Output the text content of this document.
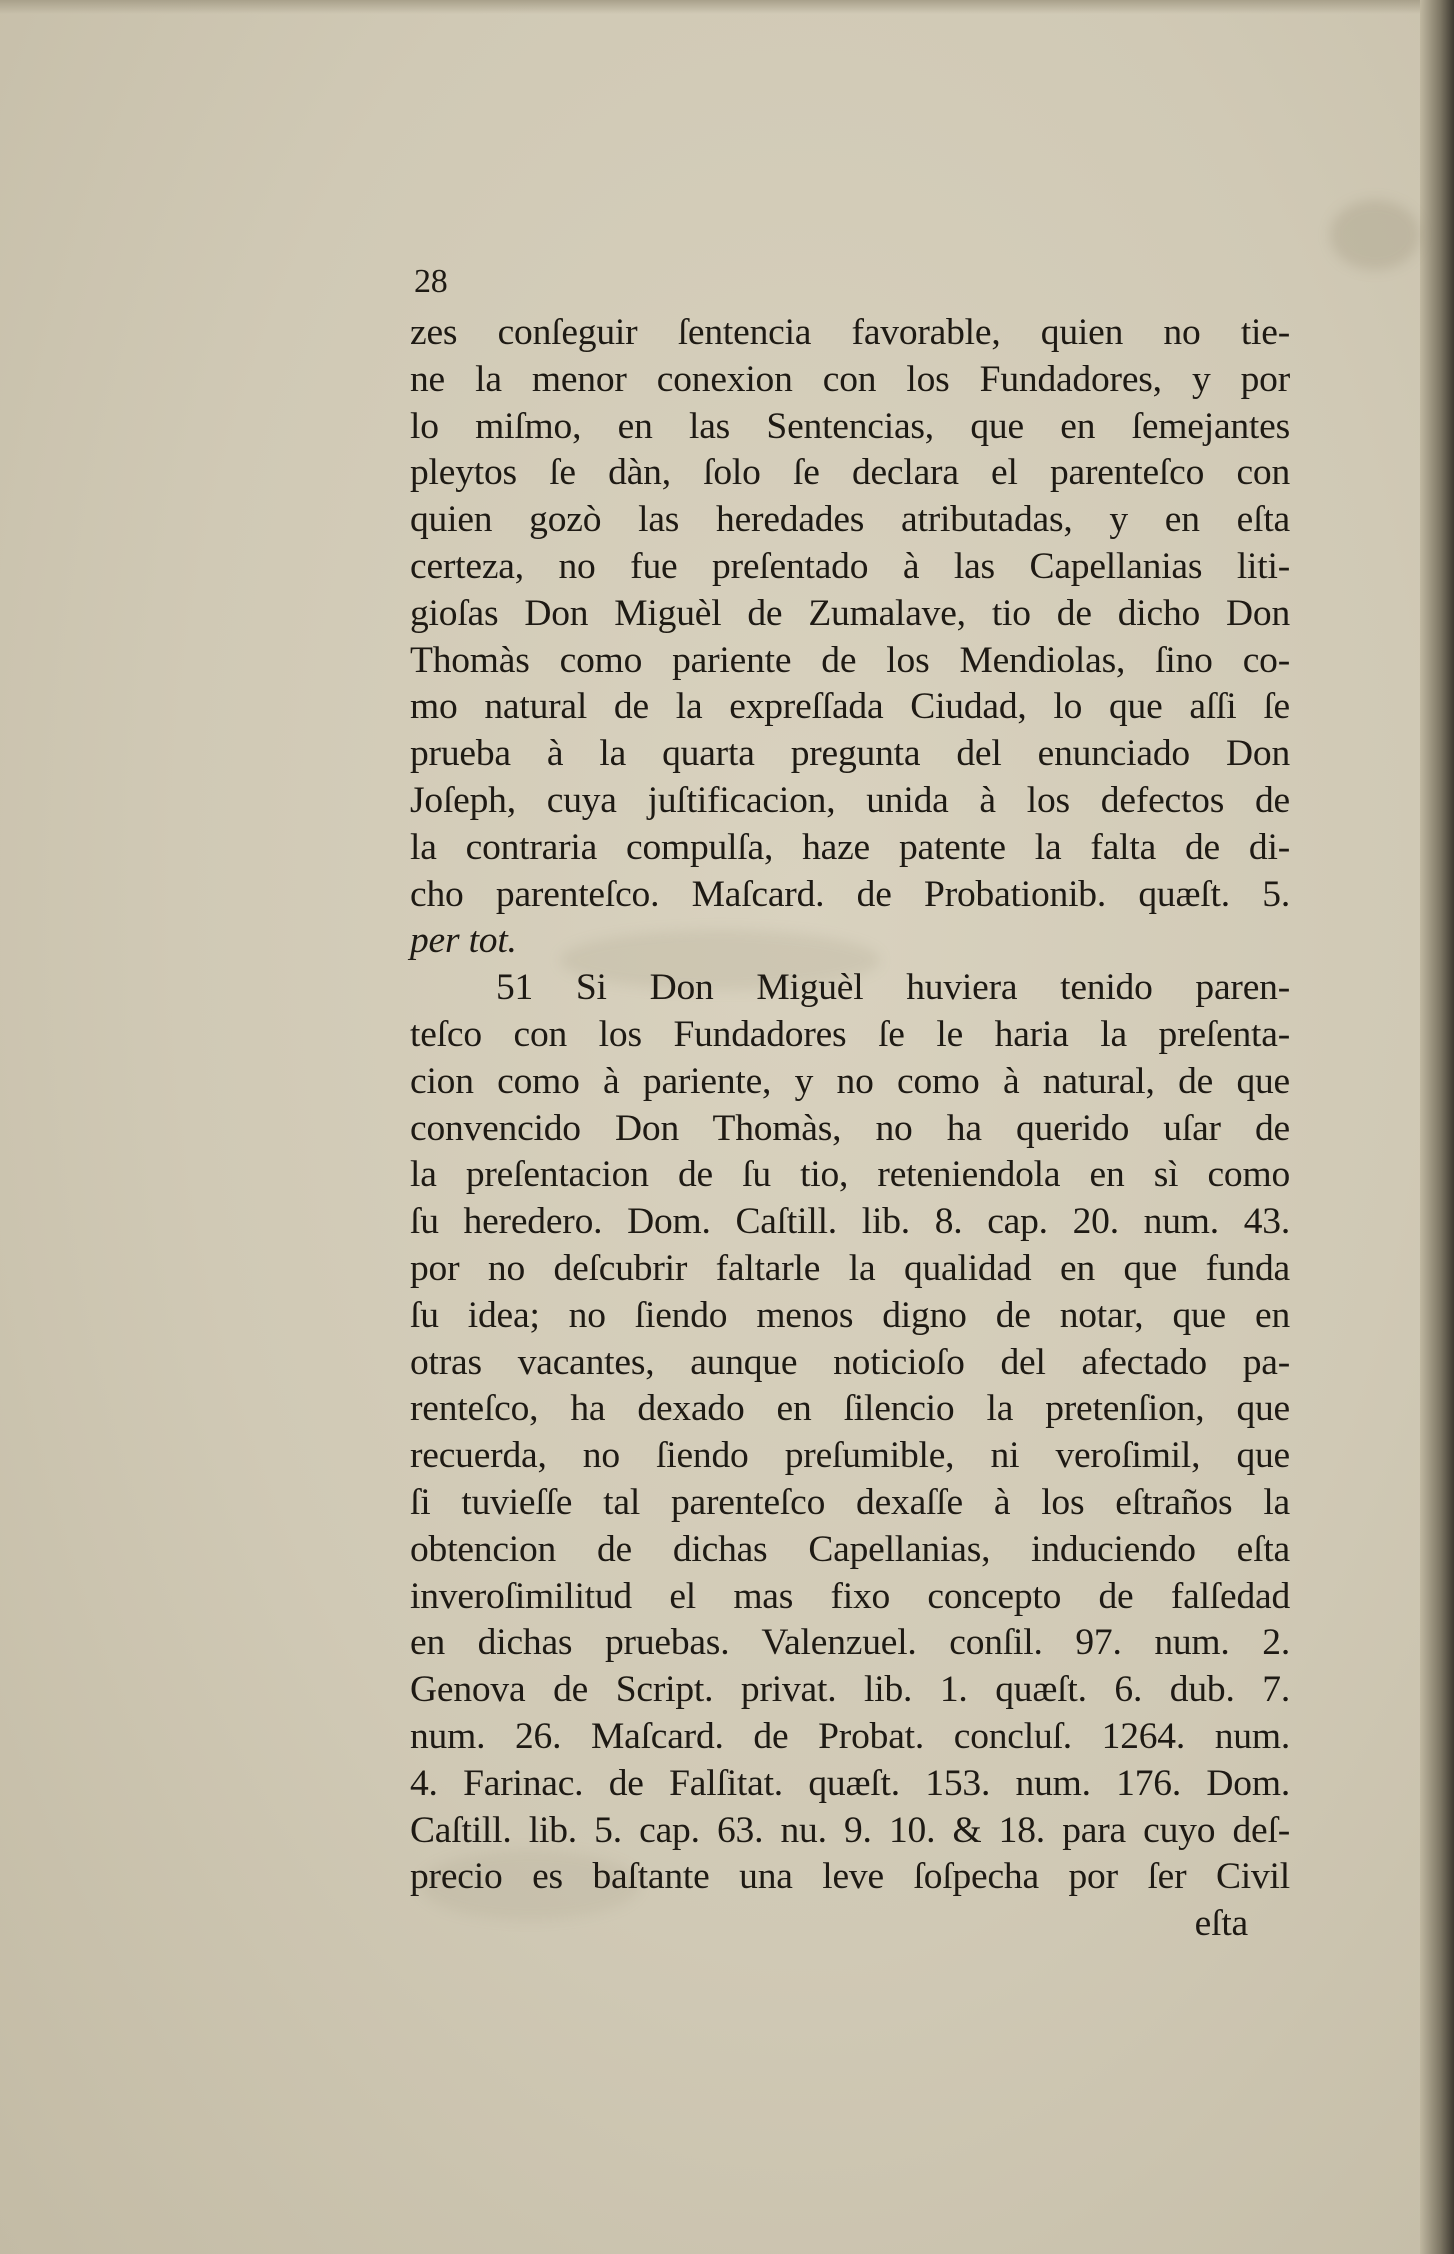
28
zes conſeguir ſentencia favorable, quien no tie-
ne la menor conexion con los Fundadores, y por
lo miſmo, en las Sentencias, que en ſemejantes
pleytos ſe dàn, ſolo ſe declara el parenteſco con
quien gozò las heredades atributadas, y en eſta
certeza, no fue preſentado à las Capellanias liti-
gioſas Don Miguèl de Zumalave, tio de dicho Don
Thomàs como pariente de los Mendiolas, ſino co-
mo natural de la expreſſada Ciudad, lo que aſſi ſe
prueba à la quarta pregunta del enunciado Don
Joſeph, cuya juſtificacion, unida à los defectos de
la contraria compulſa, haze patente la falta de di-
cho parenteſco. Maſcard. de Probationib. quæſt. 5.
per tot.
51 Si Don Miguèl huviera tenido paren-
teſco con los Fundadores ſe le haria la preſenta-
cion como à pariente, y no como à natural, de que
convencido Don Thomàs, no ha querido uſar de
la preſentacion de ſu tio, reteniendola en sì como
ſu heredero. Dom. Caſtill. lib. 8. cap. 20. num. 43.
por no deſcubrir faltarle la qualidad en que funda
ſu idea; no ſiendo menos digno de notar, que en
otras vacantes, aunque noticioſo del afectado pa-
renteſco, ha dexado en ſilencio la pretenſion, que
recuerda, no ſiendo preſumible, ni veroſimil, que
ſi tuvieſſe tal parenteſco dexaſſe à los eſtraños la
obtencion de dichas Capellanias, induciendo eſta
inveroſimilitud el mas fixo concepto de falſedad
en dichas pruebas. Valenzuel. conſil. 97. num. 2.
Genova de Script. privat. lib. 1. quæſt. 6. dub. 7.
num. 26. Maſcard. de Probat. concluſ. 1264. num.
4. Farinac. de Falſitat. quæſt. 153. num. 176. Dom.
Caſtill. lib. 5. cap. 63. nu. 9. 10. & 18. para cuyo deſ-
precio es baſtante una leve ſoſpecha por ſer Civil
eſta
